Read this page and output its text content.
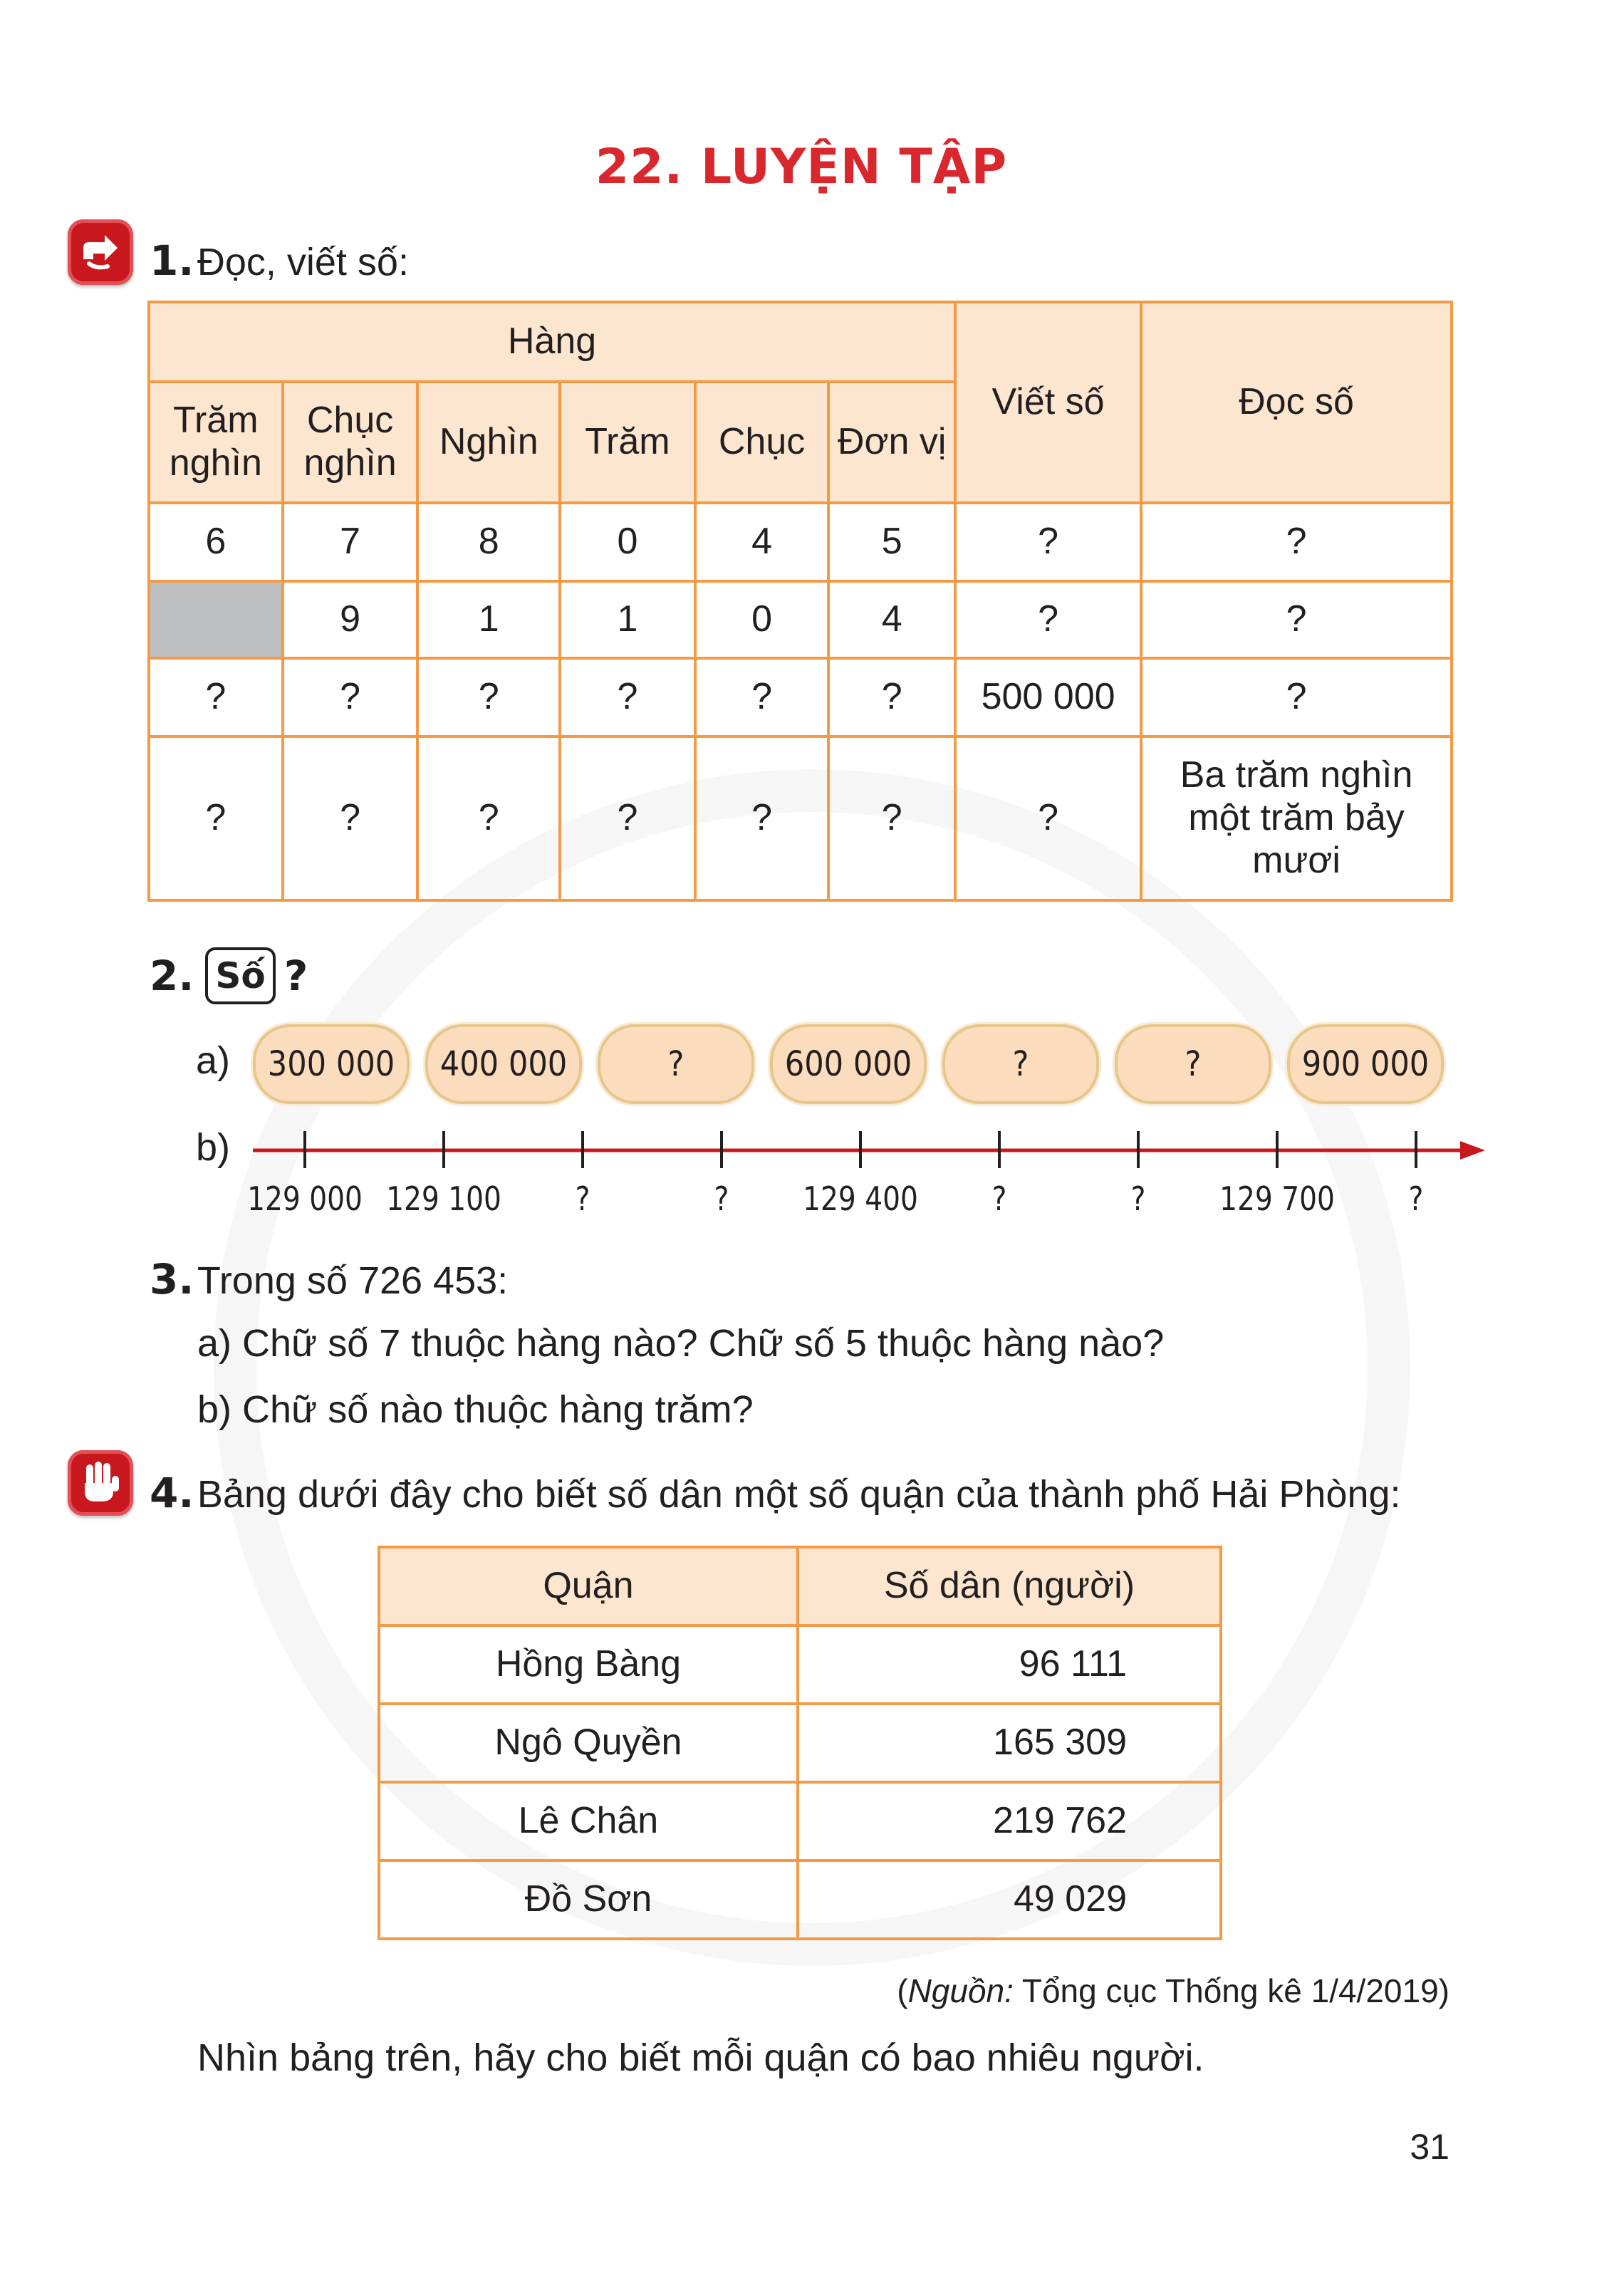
22. LUYỆN TẬP
1. Đọc, viết số:
Hàng						Viết số	Đọc số
Trăm nghìn	Chục nghìn	Nghìn	Trăm	Chục	Đơn vị		
6	7	8	0	4	5	?	?
	9	1	1	0	4	?	?
?	?	?	?	?	?	500 000	?
?	?	?	?	?	?	?	Ba trăm nghìn một trăm bảy mươi
2. Số ?
a)	300 000	400 000	?	600 000	?	?	900 000
b)
129 000 129 100	?	?	129 400	?	?	129 700	?
3. Trong số 726 453:
a) Chữ số 7 thuộc hàng nào? Chữ số 5 thuộc hàng nào?
b) Chữ số nào thuộc hàng trăm?
4. Bảng dưới đây cho biết số dân một số quận của thành phố Hải Phòng:
Quận	Số dân (người)
Hồng Bàng	96 111
Ngô Quyền	165 309
Lê Chân	219 762
Đồ Sơn	49 029
(Nguồn: Tổng cục Thống kê 1/4/2019)
Nhìn bảng trên, hãy cho biết mỗi quận có bao nhiêu người.
31
